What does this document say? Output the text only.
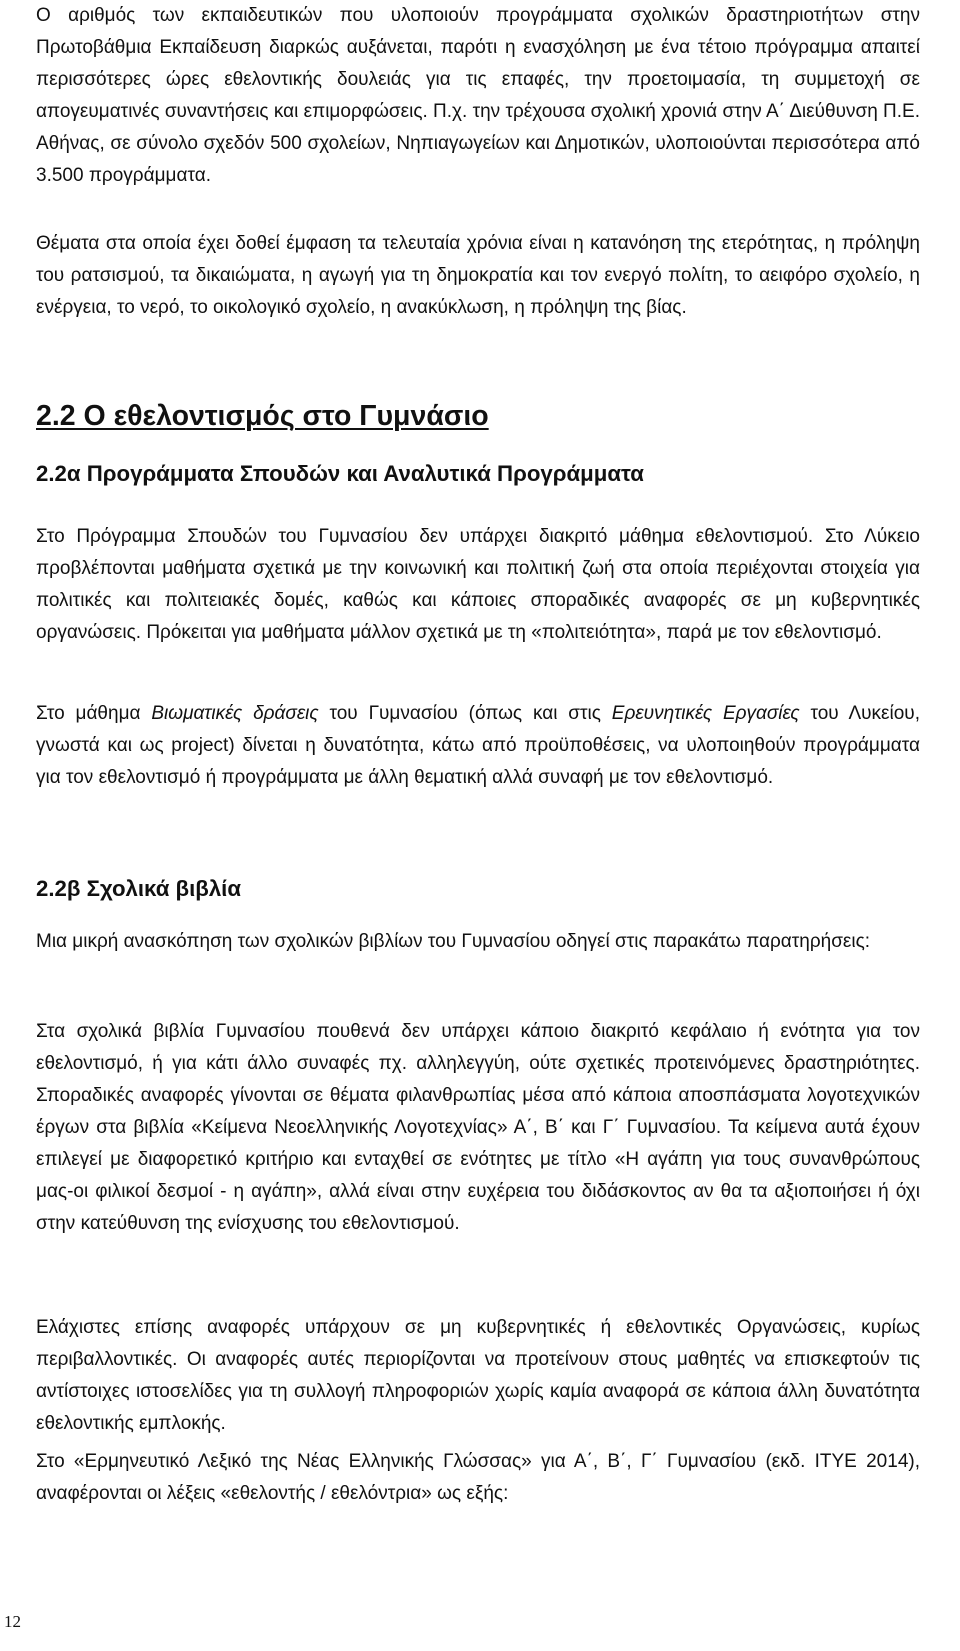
Ο αριθμός των εκπαιδευτικών που υλοποιούν προγράμματα σχολικών δραστηριοτήτων στην Πρωτοβάθμια Εκπαίδευση διαρκώς αυξάνεται, παρότι η ενασχόληση με ένα τέτοιο πρόγραμμα απαιτεί περισσότερες ώρες εθελοντικής δουλειάς για τις επαφές, την προετοιμασία, τη συμμετοχή σε απογευματινές συναντήσεις και επιμορφώσεις. Π.χ. την τρέχουσα σχολική χρονιά στην Α΄ Διεύθυνση Π.Ε. Αθήνας, σε σύνολο σχεδόν 500 σχολείων, Νηπιαγωγείων και Δημοτικών, υλοποιούνται περισσότερα από 3.500 προγράμματα.

Θέματα στα οποία έχει δοθεί έμφαση τα τελευταία χρόνια είναι η κατανόηση της ετερότητας, η πρόληψη του ρατσισμού, τα δικαιώματα, η αγωγή για τη δημοκρατία και τον ενεργό πολίτη, το αειφόρο σχολείο, η ενέργεια, το νερό, το οικολογικό σχολείο, η ανακύκλωση, η πρόληψη της βίας.

2.2 Ο εθελοντισμός στο Γυμνάσιο
2.2α Προγράμματα Σπουδών και Αναλυτικά Προγράμματα

Στο Πρόγραμμα Σπουδών του Γυμνασίου δεν υπάρχει διακριτό μάθημα εθελοντισμού. Στο Λύκειο προβλέπονται μαθήματα σχετικά με την κοινωνική και πολιτική ζωή στα οποία περιέχονται στοιχεία για πολιτικές και πολιτειακές δομές, καθώς και κάποιες σποραδικές αναφορές σε μη κυβερνητικές οργανώσεις. Πρόκειται για μαθήματα μάλλον σχετικά με τη «πολιτειότητα», παρά με τον εθελοντισμό.

Στο μάθημα Βιωματικές δράσεις του Γυμνασίου (όπως και στις Ερευνητικές Εργασίες του Λυκείου, γνωστά και ως project) δίνεται η δυνατότητα, κάτω από προϋποθέσεις, να υλοποιηθούν προγράμματα για τον εθελοντισμό ή προγράμματα με άλλη θεματική αλλά συναφή με τον εθελοντισμό.

2.2β Σχολικά βιβλία

Μια μικρή ανασκόπηση των σχολικών βιβλίων του Γυμνασίου οδηγεί στις παρακάτω παρατηρήσεις:

Στα σχολικά βιβλία Γυμνασίου πουθενά δεν υπάρχει κάποιο διακριτό κεφάλαιο ή ενότητα για τον εθελοντισμό, ή για κάτι άλλο συναφές πχ. αλληλεγγύη, ούτε σχετικές προτεινόμενες δραστηριότητες. Σποραδικές αναφορές γίνονται σε θέματα φιλανθρωπίας μέσα από κάποια αποσπάσματα λογοτεχνικών έργων στα βιβλία «Κείμενα Νεοελληνικής Λογοτεχνίας» Α΄, Β΄ και Γ΄ Γυμνασίου. Τα κείμενα αυτά έχουν επιλεγεί με διαφορετικό κριτήριο και ενταχθεί σε ενότητες με τίτλο «Η αγάπη για τους συνανθρώπους μας-οι φιλικοί δεσμοί - η αγάπη», αλλά είναι στην ευχέρεια του διδάσκοντος αν θα τα αξιοποιήσει ή όχι στην κατεύθυνση της ενίσχυσης του εθελοντισμού.

Ελάχιστες επίσης αναφορές υπάρχουν σε μη κυβερνητικές ή εθελοντικές Οργανώσεις, κυρίως περιβαλλοντικές. Οι αναφορές αυτές περιορίζονται να προτείνουν στους μαθητές να επισκεφτούν τις αντίστοιχες ιστοσελίδες για τη συλλογή πληροφοριών χωρίς καμία αναφορά σε κάποια άλλη δυνατότητα εθελοντικής εμπλοκής.

Στο «Ερμηνευτικό Λεξικό της Νέας Ελληνικής Γλώσσας» για Α΄, Β΄, Γ΄ Γυμνασίου (εκδ. ΙΤΥΕ 2014), αναφέρονται οι λέξεις «εθελοντής / εθελόντρια» ως εξής:

12
